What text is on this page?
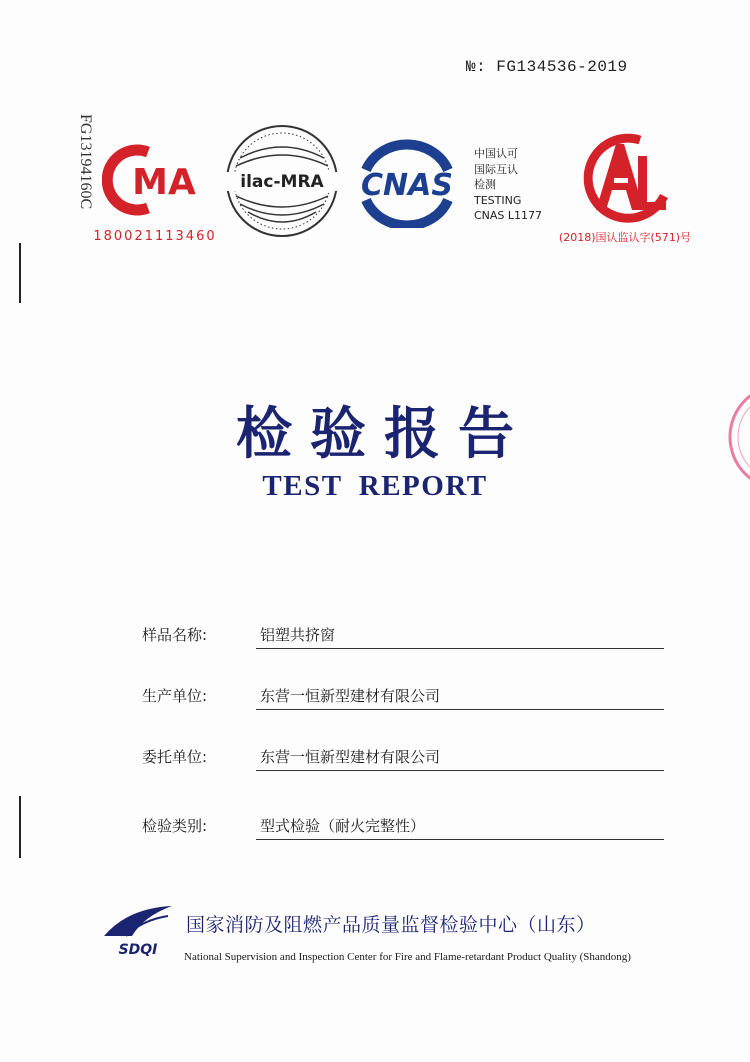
№: FG134536-2019
FG13194160C MA
180021113460
ilac-MRA CNAS
中国认可
国际互认
检测
TESTING
CNAS L1177
(2018)国认监认字(571)号
检验报告
TEST REPORT
样品名称:	铝塑共挤窗
生产单位:	东营一恒新型建材有限公司
委托单位:	东营一恒新型建材有限公司
检验类别:	型式检验（耐火完整性）
SDQI
国家消防及阻燃产品质量监督检验中心（山东）
National Supervision and Inspection Center for Fire and Flame-retardant Product Quality (Shandong)
